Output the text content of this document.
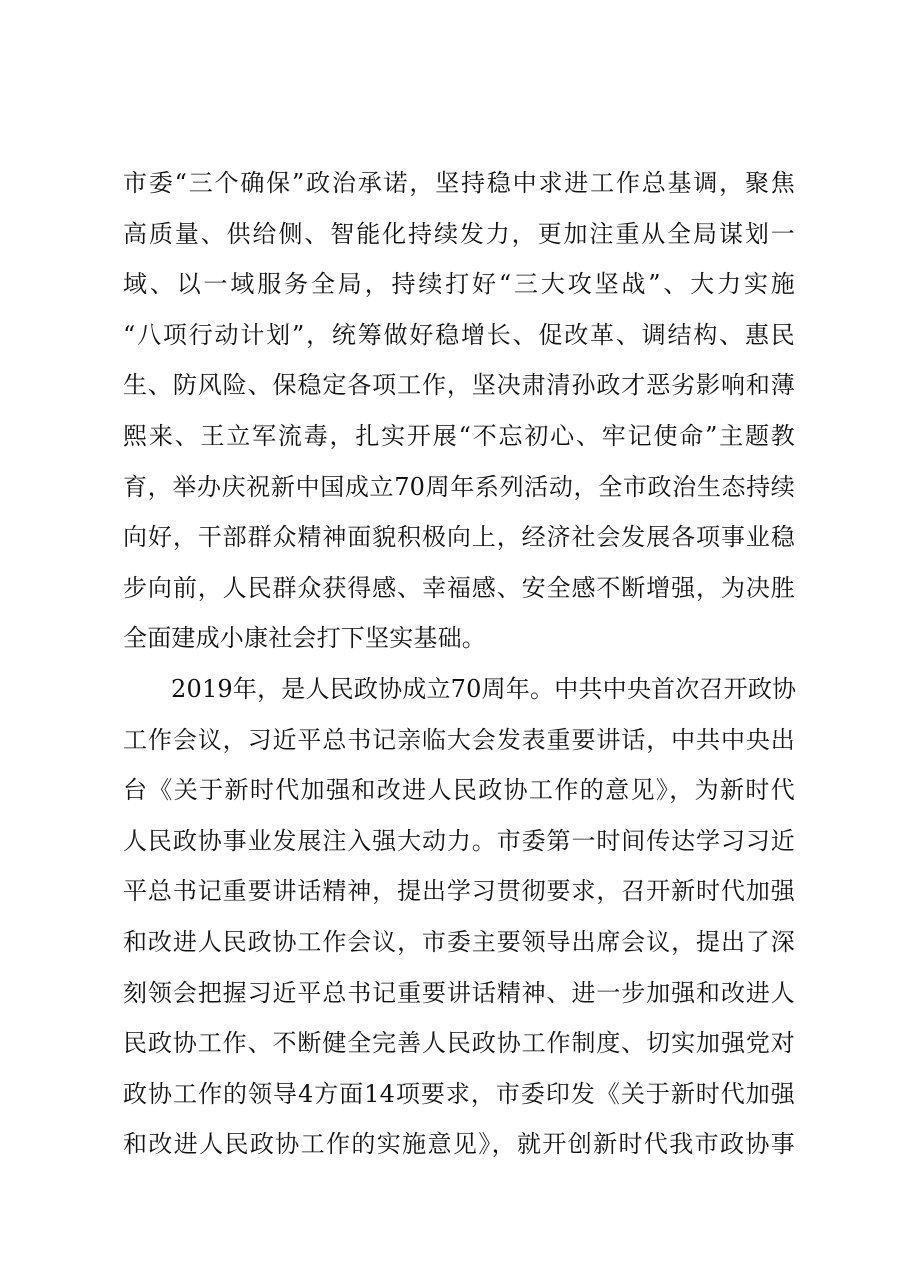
市委“三个确保”政治承诺，坚持稳中求进工作总基调，聚焦
高质量、供给侧、智能化持续发力，更加注重从全局谋划一
域、以一域服务全局，持续打好“三大攻坚战”、大力实施
“八项行动计划”，统筹做好稳增长、促改革、调结构、惠民
生、防风险、保稳定各项工作，坚决肃清孙政才恶劣影响和薄
熙来、王立军流毒，扎实开展“不忘初心、牢记使命”主题教
育，举办庆祝新中国成立70周年系列活动，全市政治生态持续
向好，干部群众精神面貌积极向上，经济社会发展各项事业稳
步向前，人民群众获得感、幸福感、安全感不断增强，为决胜
全面建成小康社会打下坚实基础。
2019年，是人民政协成立70周年。中共中央首次召开政协
工作会议，习近平总书记亲临大会发表重要讲话，中共中央出
台《关于新时代加强和改进人民政协工作的意见》，为新时代
人民政协事业发展注入强大动力。市委第一时间传达学习习近
平总书记重要讲话精神，提出学习贯彻要求，召开新时代加强
和改进人民政协工作会议，市委主要领导出席会议，提出了深
刻领会把握习近平总书记重要讲话精神、进一步加强和改进人
民政协工作、不断健全完善人民政协工作制度、切实加强党对
政协工作的领导4方面14项要求，市委印发《关于新时代加强
和改进人民政协工作的实施意见》，就开创新时代我市政协事
